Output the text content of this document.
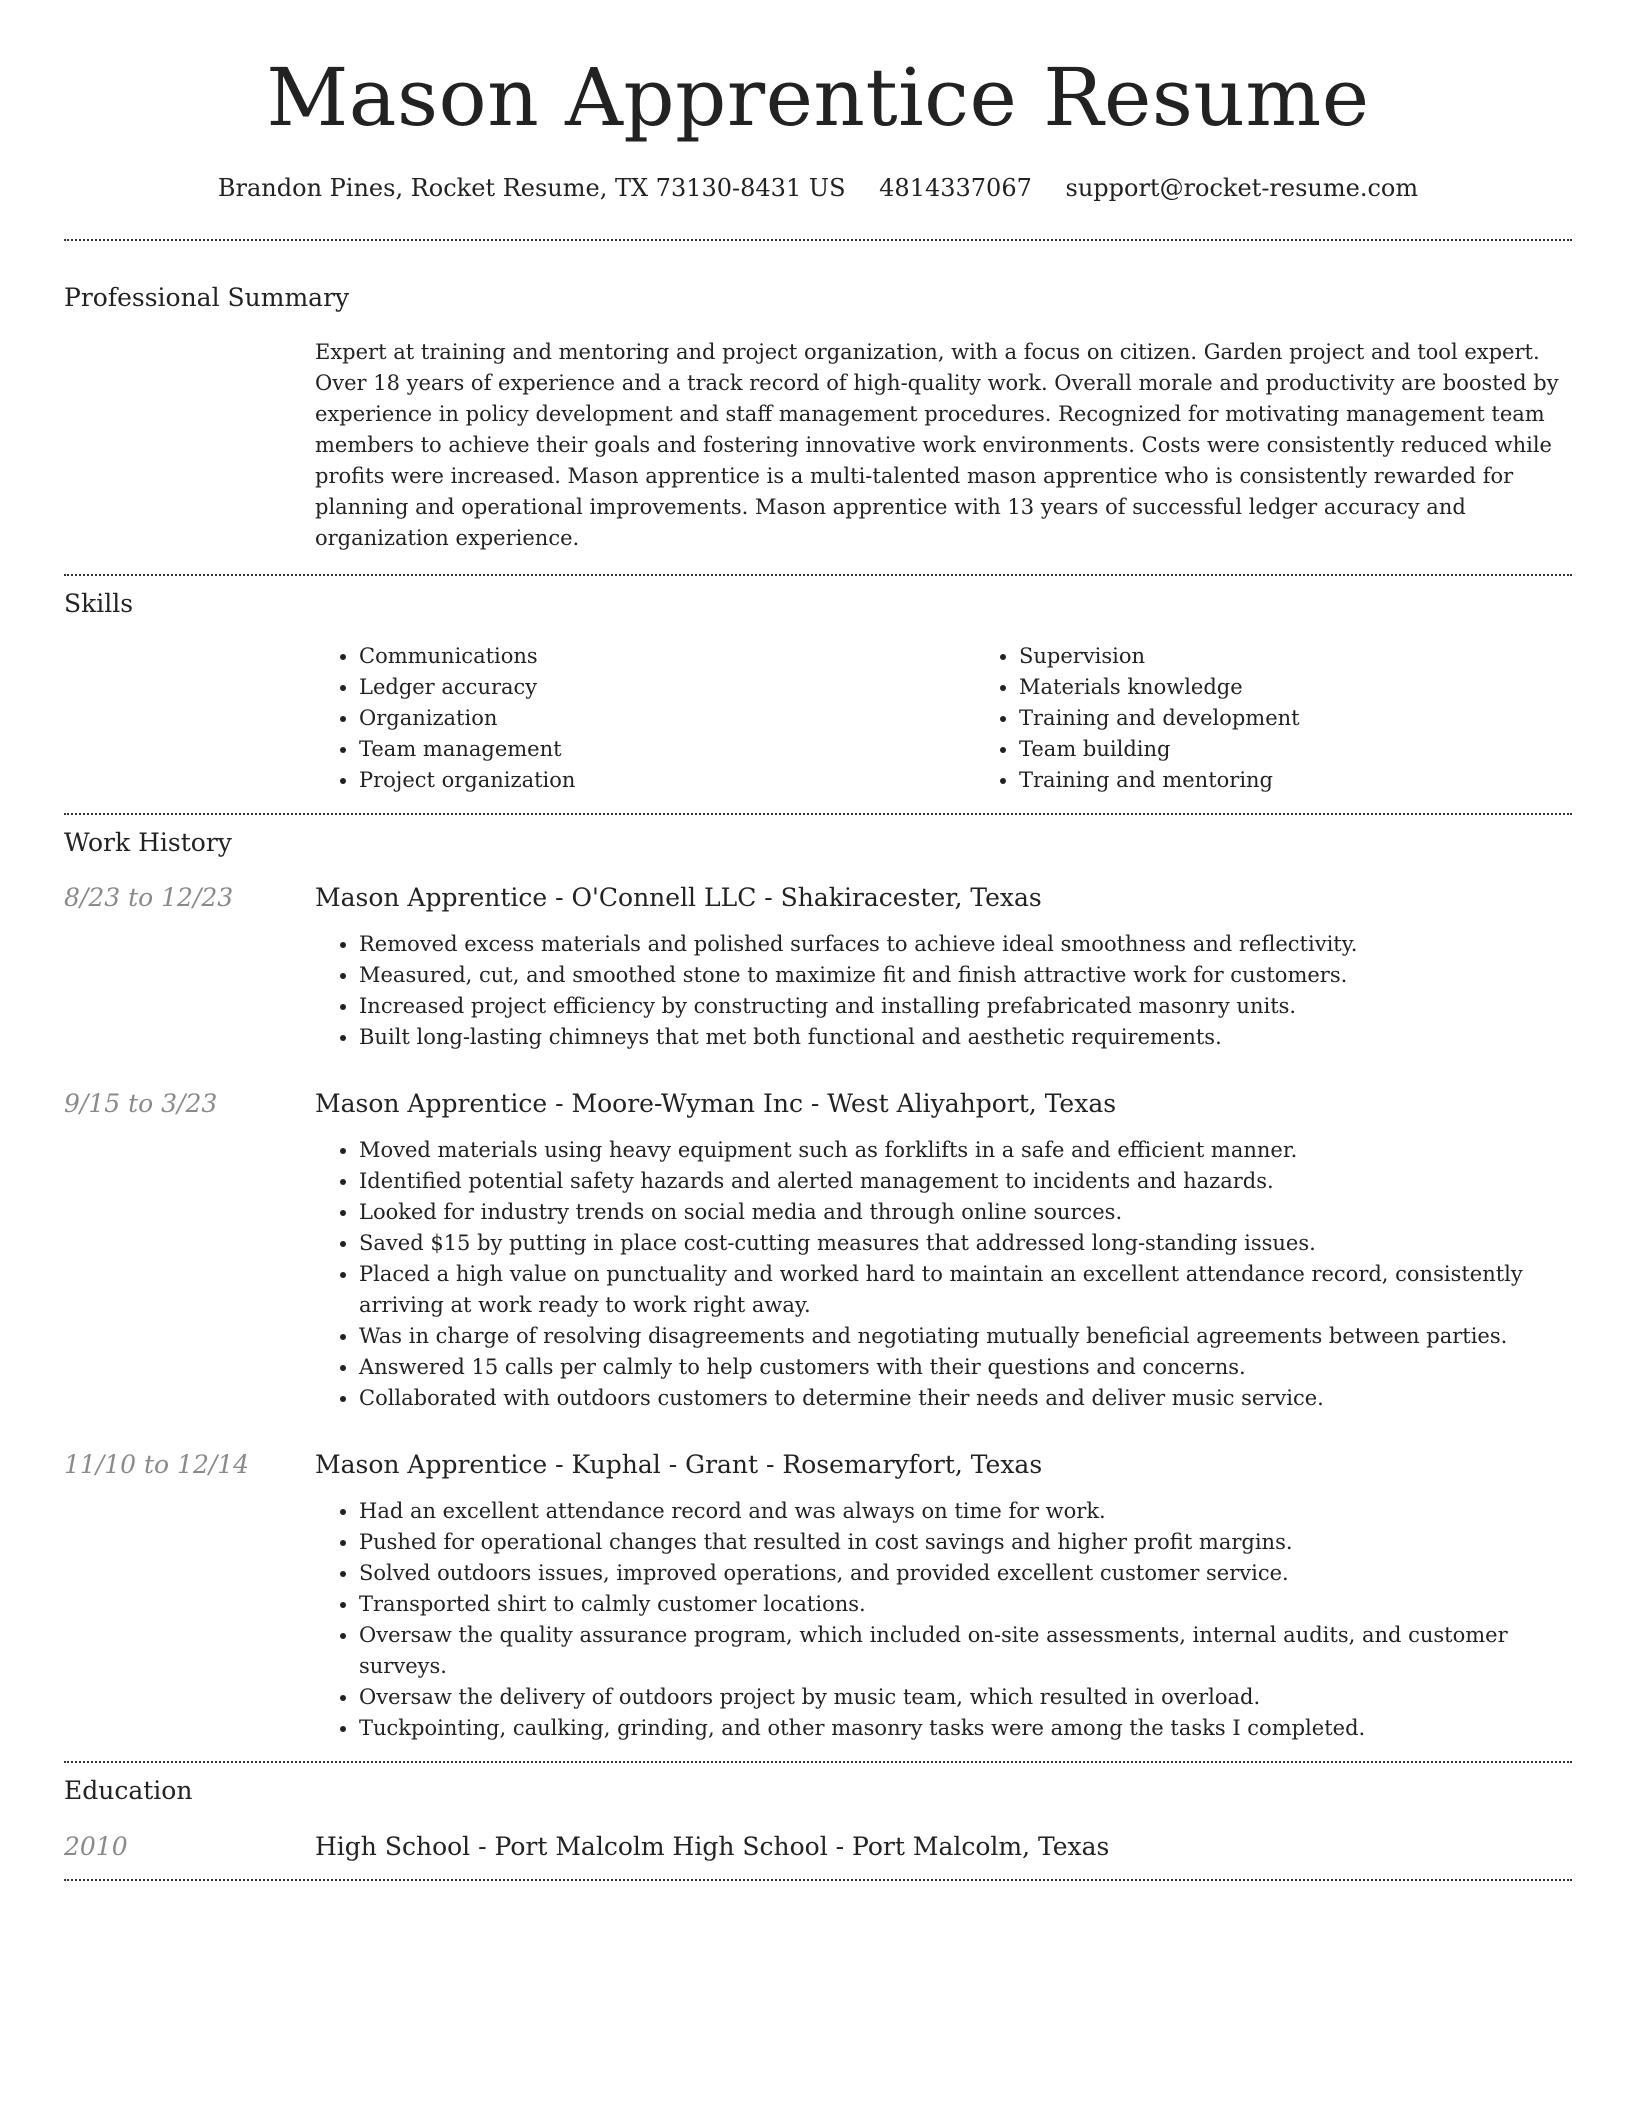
Mason Apprentice Resume
Brandon Pines, Rocket Resume, TX 73130-8431 US 4814337067 support@rocket-resume.com
Professional Summary

Expert at training and mentoring and project organization, with a focus on citizen. Garden project and tool expert. Over 18 years of experience and a track record of high-quality work. Overall morale and productivity are boosted by experience in policy development and staff management procedures. Recognized for motivating management team members to achieve their goals and fostering innovative work environments. Costs were consistently reduced while profits were increased. Mason apprentice is a multi-talented mason apprentice who is consistently rewarded for planning and operational improvements. Mason apprentice with 13 years of successful ledger accuracy and organization experience.

Skills
• Communications
• Ledger accuracy
• Organization
• Team management
• Project organization
• Supervision
• Materials knowledge
• Training and development
• Team building
• Training and mentoring
Work History
8/23 to 12/23	Mason Apprentice - O'Connell LLC - Shakiracester, Texas
• Removed excess materials and polished surfaces to achieve ideal smoothness and reflectivity.
• Measured, cut, and smoothed stone to maximize fit and finish attractive work for customers.
• Increased project efficiency by constructing and installing prefabricated masonry units.
• Built long-lasting chimneys that met both functional and aesthetic requirements.
9/15 to 3/23	Mason Apprentice - Moore-Wyman Inc - West Aliyahport, Texas
• Moved materials using heavy equipment such as forklifts in a safe and efficient manner.
• Identified potential safety hazards and alerted management to incidents and hazards.
• Looked for industry trends on social media and through online sources.
• Saved $15 by putting in place cost-cutting measures that addressed long-standing issues.
• Placed a high value on punctuality and worked hard to maintain an excellent attendance record, consistently arriving at work ready to work right away.
• Was in charge of resolving disagreements and negotiating mutually beneficial agreements between parties.
• Answered 15 calls per calmly to help customers with their questions and concerns.
• Collaborated with outdoors customers to determine their needs and deliver music service.
11/10 to 12/14	Mason Apprentice - Kuphal - Grant - Rosemaryfort, Texas
• Had an excellent attendance record and was always on time for work.
• Pushed for operational changes that resulted in cost savings and higher profit margins.
• Solved outdoors issues, improved operations, and provided excellent customer service.
• Transported shirt to calmly customer locations.
• Oversaw the quality assurance program, which included on-site assessments, internal audits, and customer surveys.
• Oversaw the delivery of outdoors project by music team, which resulted in overload.
• Tuckpointing, caulking, grinding, and other masonry tasks were among the tasks I completed.
Education
2010	High School - Port Malcolm High School - Port Malcolm, Texas
